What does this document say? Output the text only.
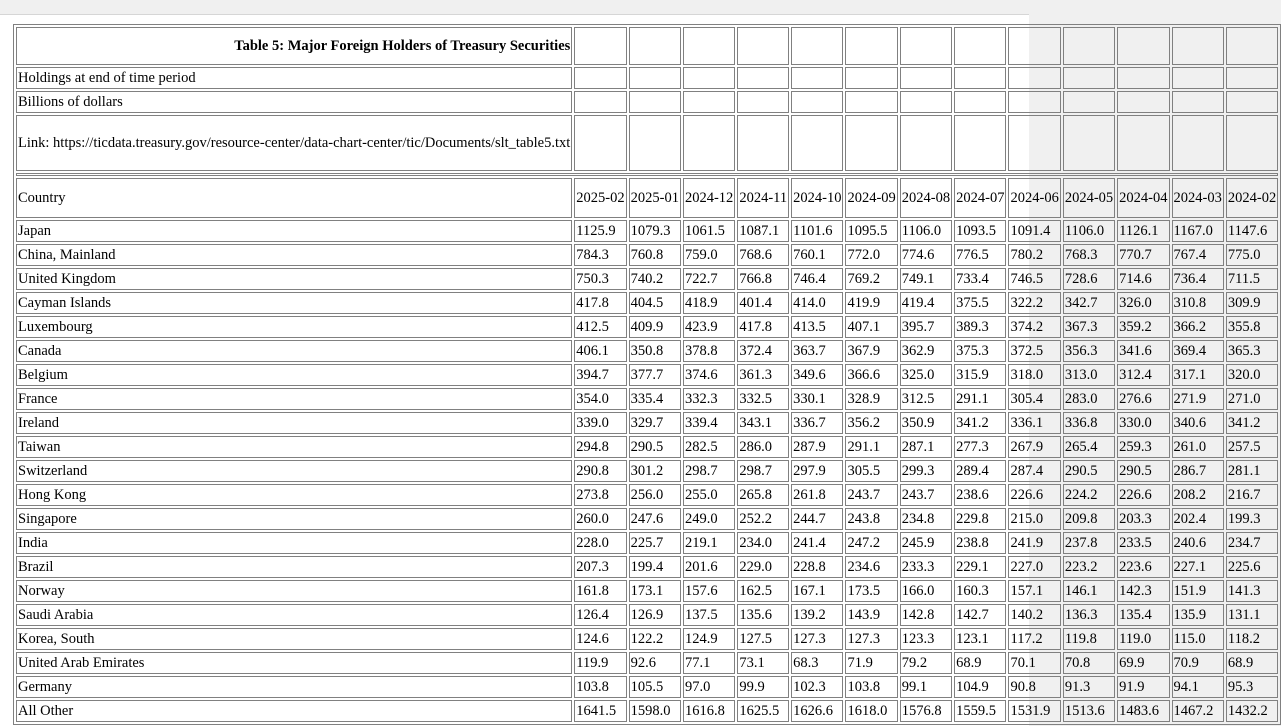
Table 5: Major Foreign Holders of Treasury Securities													
Holdings at end of time period													
Billions of dollars													
Link: https://ticdata.treasury.gov/resource-center/data-chart-center/tic/Documents/slt_table5.txt													

Country	2025-02	2025-01	2024-12	2024-11	2024-10	2024-09	2024-08	2024-07	2024-06	2024-05	2024-04	2024-03	2024-02
Japan	1125.9	1079.3	1061.5	1087.1	1101.6	1095.5	1106.0	1093.5	1091.4	1106.0	1126.1	1167.0	1147.6
China, Mainland	784.3	760.8	759.0	768.6	760.1	772.0	774.6	776.5	780.2	768.3	770.7	767.4	775.0
United Kingdom	750.3	740.2	722.7	766.8	746.4	769.2	749.1	733.4	746.5	728.6	714.6	736.4	711.5
Cayman Islands	417.8	404.5	418.9	401.4	414.0	419.9	419.4	375.5	322.2	342.7	326.0	310.8	309.9
Luxembourg	412.5	409.9	423.9	417.8	413.5	407.1	395.7	389.3	374.2	367.3	359.2	366.2	355.8
Canada	406.1	350.8	378.8	372.4	363.7	367.9	362.9	375.3	372.5	356.3	341.6	369.4	365.3
Belgium	394.7	377.7	374.6	361.3	349.6	366.6	325.0	315.9	318.0	313.0	312.4	317.1	320.0
France	354.0	335.4	332.3	332.5	330.1	328.9	312.5	291.1	305.4	283.0	276.6	271.9	271.0
Ireland	339.0	329.7	339.4	343.1	336.7	356.2	350.9	341.2	336.1	336.8	330.0	340.6	341.2
Taiwan	294.8	290.5	282.5	286.0	287.9	291.1	287.1	277.3	267.9	265.4	259.3	261.0	257.5
Switzerland	290.8	301.2	298.7	298.7	297.9	305.5	299.3	289.4	287.4	290.5	290.5	286.7	281.1
Hong Kong	273.8	256.0	255.0	265.8	261.8	243.7	243.7	238.6	226.6	224.2	226.6	208.2	216.7
Singapore	260.0	247.6	249.0	252.2	244.7	243.8	234.8	229.8	215.0	209.8	203.3	202.4	199.3
India	228.0	225.7	219.1	234.0	241.4	247.2	245.9	238.8	241.9	237.8	233.5	240.6	234.7
Brazil	207.3	199.4	201.6	229.0	228.8	234.6	233.3	229.1	227.0	223.2	223.6	227.1	225.6
Norway	161.8	173.1	157.6	162.5	167.1	173.5	166.0	160.3	157.1	146.1	142.3	151.9	141.3
Saudi Arabia	126.4	126.9	137.5	135.6	139.2	143.9	142.8	142.7	140.2	136.3	135.4	135.9	131.1
Korea, South	124.6	122.2	124.9	127.5	127.3	127.3	123.3	123.1	117.2	119.8	119.0	115.0	118.2
United Arab Emirates	119.9	92.6	77.1	73.1	68.3	71.9	79.2	68.9	70.1	70.8	69.9	70.9	68.9
Germany	103.8	105.5	97.0	99.9	102.3	103.8	99.1	104.9	90.8	91.3	91.9	94.1	95.3
All Other	1641.5	1598.0	1616.8	1625.5	1626.6	1618.0	1576.8	1559.5	1531.9	1513.6	1483.6	1467.2	1432.2
